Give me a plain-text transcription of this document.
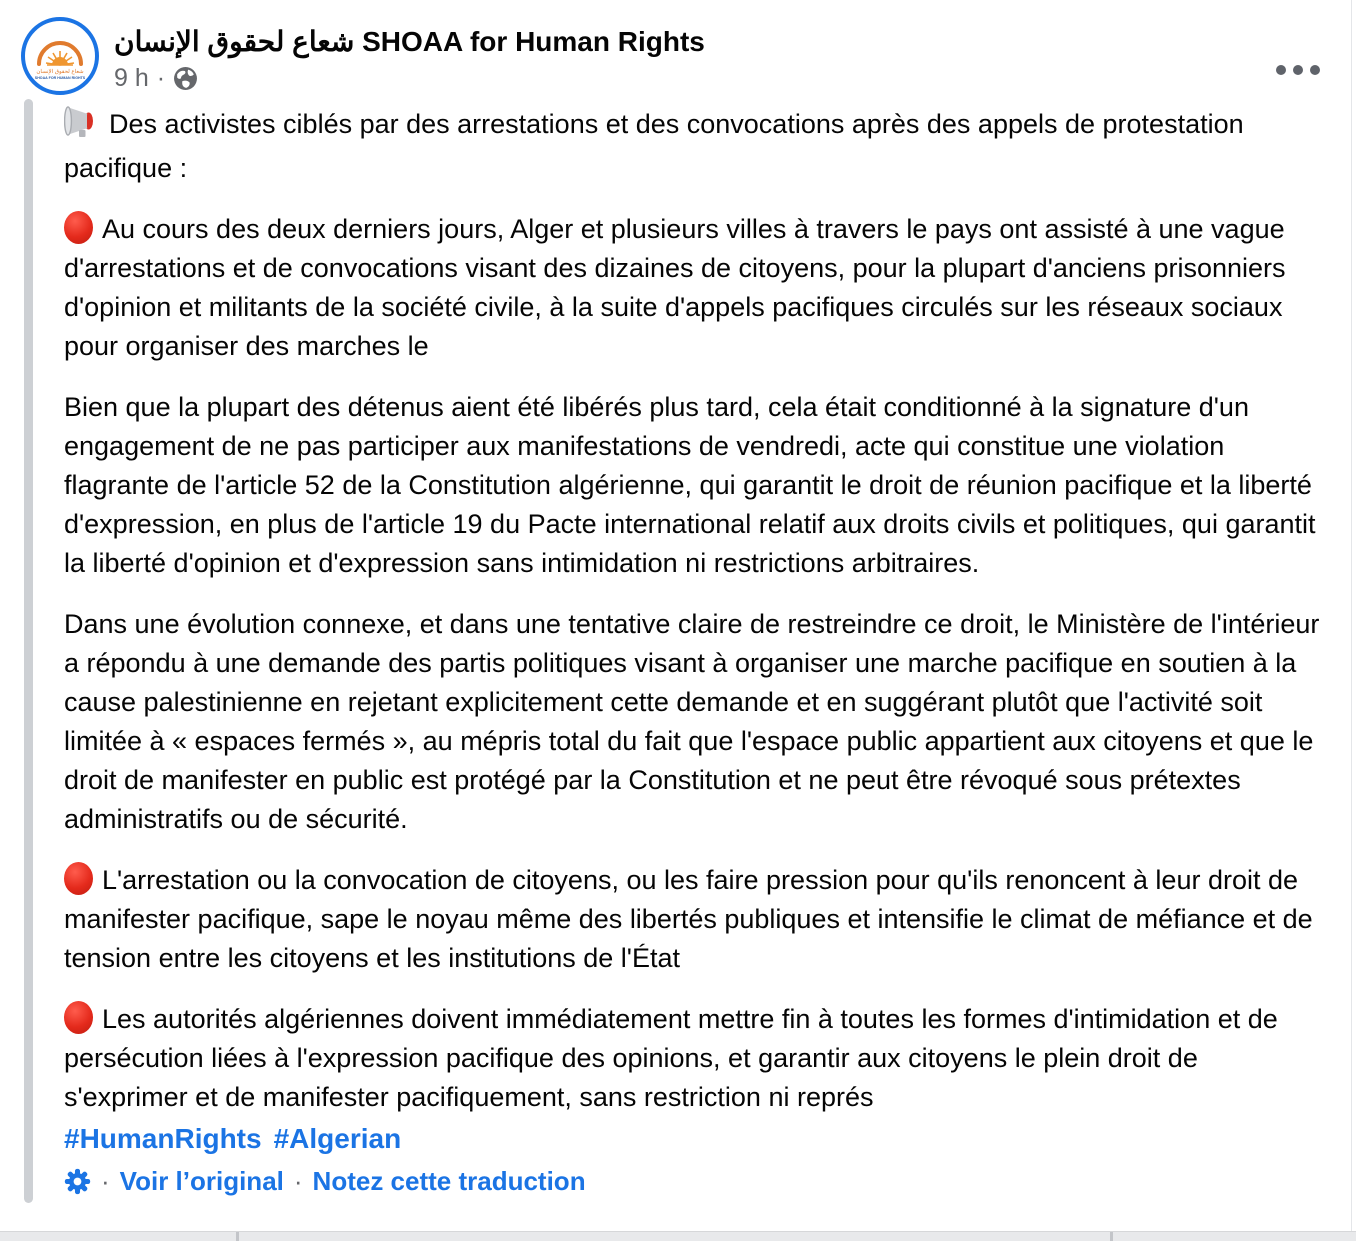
شعاع لحقوق الإنسان
SHOAA FOR HUMAN RIGHTS
شعاع لحقوق الإنسان SHOAA for Human Rights
9 h ·

Des activistes ciblés par des arrestations et des convocations après des appels de protestation pacifique :

Au cours des deux derniers jours, Alger et plusieurs villes à travers le pays ont assisté à une vague d'arrestations et de convocations visant des dizaines de citoyens, pour la plupart d'anciens prisonniers d'opinion et militants de la société civile, à la suite d'appels pacifiques circulés sur les réseaux sociaux pour organiser des marches le

Bien que la plupart des détenus aient été libérés plus tard, cela était conditionné à la signature d'un engagement de ne pas participer aux manifestations de vendredi, acte qui constitue une violation flagrante de l'article 52 de la Constitution algérienne, qui garantit le droit de réunion pacifique et la liberté d'expression, en plus de l'article 19 du Pacte international relatif aux droits civils et politiques, qui garantit la liberté d'opinion et d'expression sans intimidation ni restrictions arbitraires.

Dans une évolution connexe, et dans une tentative claire de restreindre ce droit, le Ministère de l'intérieur a répondu à une demande des partis politiques visant à organiser une marche pacifique en soutien à la cause palestinienne en rejetant explicitement cette demande et en suggérant plutôt que l'activité soit limitée à « espaces fermés », au mépris total du fait que l'espace public appartient aux citoyens et que le droit de manifester en public est protégé par la Constitution et ne peut être révoqué sous prétextes administratifs ou de sécurité.

L'arrestation ou la convocation de citoyens, ou les faire pression pour qu'ils renoncent à leur droit de manifester pacifique, sape le noyau même des libertés publiques et intensifie le climat de méfiance et de tension entre les citoyens et les institutions de l'État

Les autorités algériennes doivent immédiatement mettre fin à toutes les formes d'intimidation et de persécution liées à l'expression pacifique des opinions, et garantir aux citoyens le plein droit de s'exprimer et de manifester pacifiquement, sans restriction ni représ

#HumanRights #Algerian
· Voir l’original · Notez cette traduction
